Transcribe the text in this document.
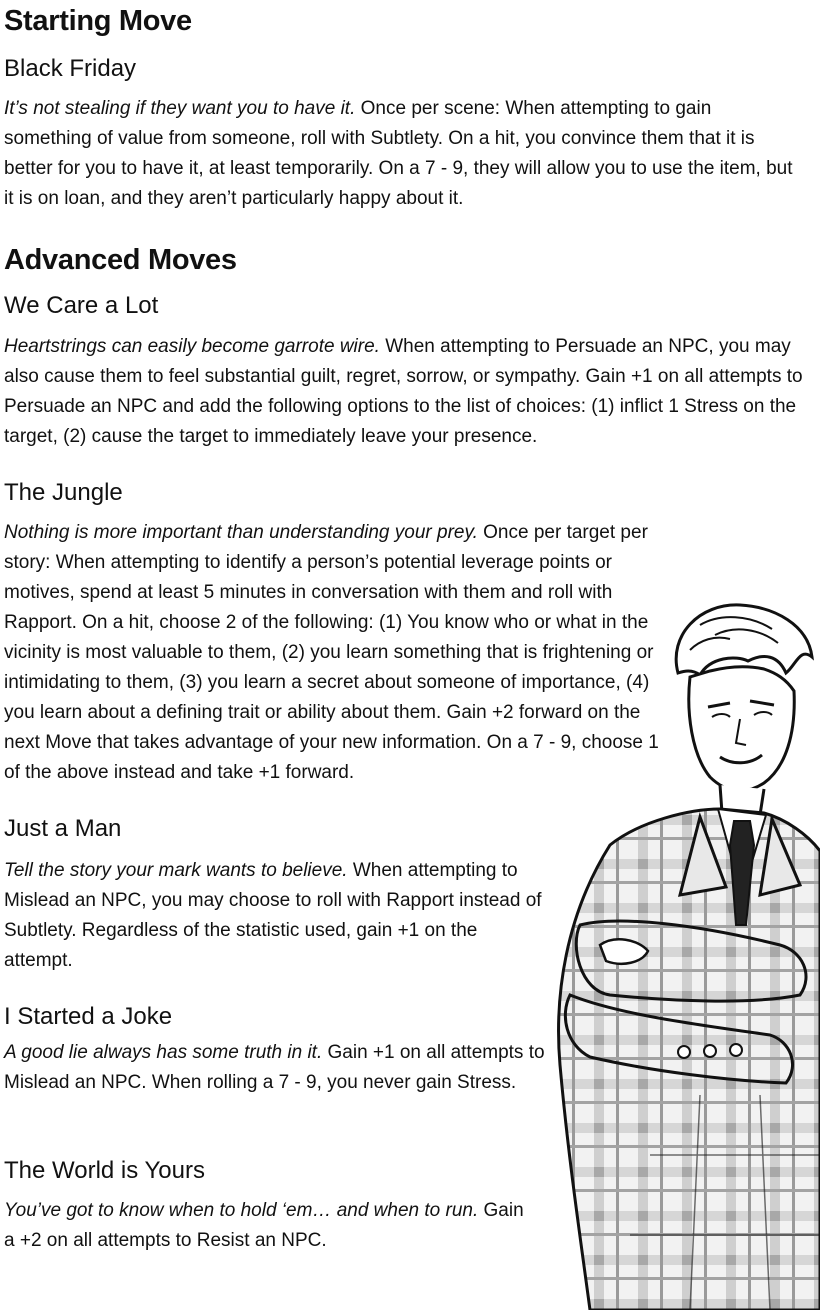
Starting Move
Black Friday

It’s not stealing if they want you to have it. Once per scene: When attempting to gain something of value from someone, roll with Subtlety. On a hit, you convince them that it is better for you to have it, at least temporarily. On a 7 - 9, they will allow you to use the item, but it is on loan, and they aren’t particularly happy about it.

Advanced Moves
We Care a Lot

Heartstrings can easily become garrote wire. When attempting to Persuade an NPC, you may also cause them to feel substantial guilt, regret, sorrow, or sympathy. Gain +1 on all attempts to Persuade an NPC and add the following options to the list of choices: (1) inflict 1 Stress on the target, (2) cause the target to immediately leave your presence.

The Jungle

Nothing is more important than understanding your prey. Once per target per story: When attempting to identify a person’s potential leverage points or motives, spend at least 5 minutes in conversation with them and roll with Rapport. On a hit, choose 2 of the following: (1) You know who or what in the vicinity is most valuable to them, (2) you learn something that is frightening or intimidating to them, (3) you learn a secret about someone of importance, (4) you learn about a defining trait or ability about them. Gain +2 forward on the next Move that takes advantage of your new information. On a 7 - 9, choose 1 of the above instead and take +1 forward.

Just a Man

Tell the story your mark wants to believe. When attempting to Mislead an NPC, you may choose to roll with Rapport instead of Subtlety. Regardless of the statistic used, gain +1 on the attempt.

I Started a Joke

A good lie always has some truth in it. Gain +1 on all attempts to Mislead an NPC. When rolling a 7 - 9, you never gain Stress.

The World is Yours

You’ve got to know when to hold ‘em… and when to run. Gain a +2 on all attempts to Resist an NPC.
